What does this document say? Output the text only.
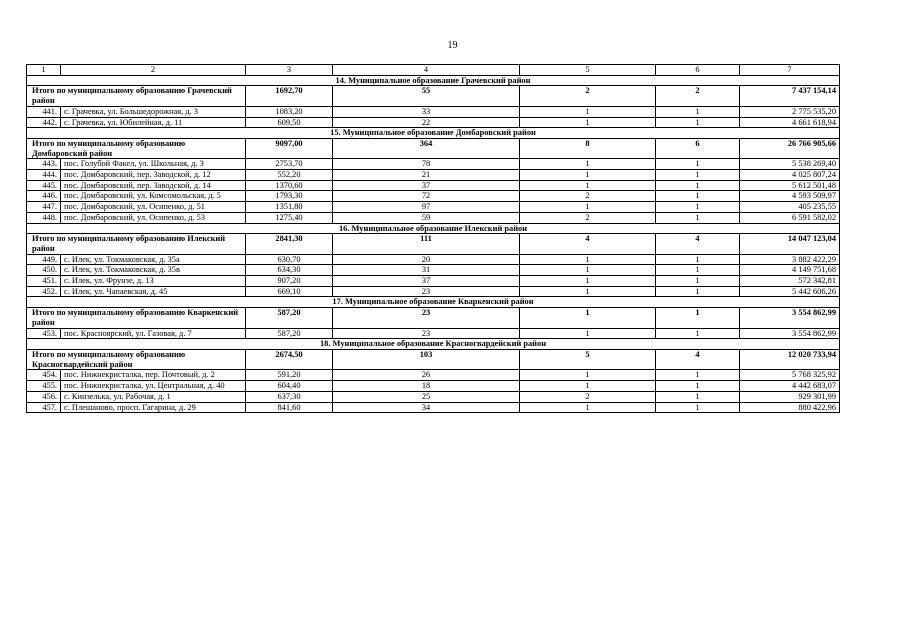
19
1	2	3	4	5	6	7
14. Муниципальное образование Грачевский район						
Итого по муниципальному образованию Грачевский район		1692,70	55	2	2	7 437 154,14
441.	с. Грачевка, ул. Большедорожная, д. 3	1083,20	33	1	1	2 775 535,20
442.	с. Грачевка, ул. Юбилейная, д. 11	609,50	22	1	1	4 661 618,94
15. Муниципальное образование Домбаровский район						
Итого по муниципальному образованию Домбаровский район		9097,00	364	8	6	26 766 905,66
443.	пос. Голубой Факел, ул. Школьная, д. 3	2753,70	78	1	1	5 538 269,40
444.	пос. Домбаровский, пер. Заводской, д. 12	552,20	21	1	1	4 025 807,24
445.	пос. Домбаровский, пер. Заводской, д. 14	1370,60	37	1	1	5 612 501,48
446.	пос. Домбаровский, ул. Комсомольская, д. 5	1793,30	72	2	1	4 593 509,97
447.	пос. Домбаровский, ул. Осипенко, д. 51	1351,80	97	1	1	405 235,55
448.	пос. Домбаровский, ул. Осипенко, д. 53	1275,40	59	2	1	6 591 582,02
16. Муниципальное образование Илекский район						
Итого по муниципальному образованию Илекский район		2841,30	111	4	4	14 047 123,04
449.	с. Илек, ул. Токмаковская, д. 35а	630,70	20	1	1	3 882 422,29
450.	с. Илек, ул. Токмаковская, д. 35в	634,30	31	1	1	4 149 751,68
451.	с. Илек, ул. Фрунзе, д. 13	907,20	37	1	1	572 342,81
452.	с. Илек, ул. Чапаевская, д. 45	669,10	23	1	1	5 442 606,26
17. Муниципальное образование Кваркенский район						
Итого по муниципальному образованию Кваркенский район		587,20	23	1	1	3 554 862,99
453.	пос. Красноярский, ул. Газовая, д. 7	587,20	23	1	1	3 554 862,99
18. Муниципальное образование Красногвардейский район						
Итого по муниципальному образованию Красногвардейский район		2674,50	103	5	4	12 020 733,94
454.	пос. Нижнекристалка, пер. Почтовый, д. 2	591,20	26	1	1	5 768 325,92
455.	пос. Нижнекристалка, ул. Центральная, д. 40	604,40	18	1	1	4 442 683,07
456.	с. Кинзелька, ул. Рабочая, д. 1	637,30	25	2	1	929 301,99
457.	с. Плешаново, просп. Гагарина, д. 29	841,60	34	1	1	880 422,96
